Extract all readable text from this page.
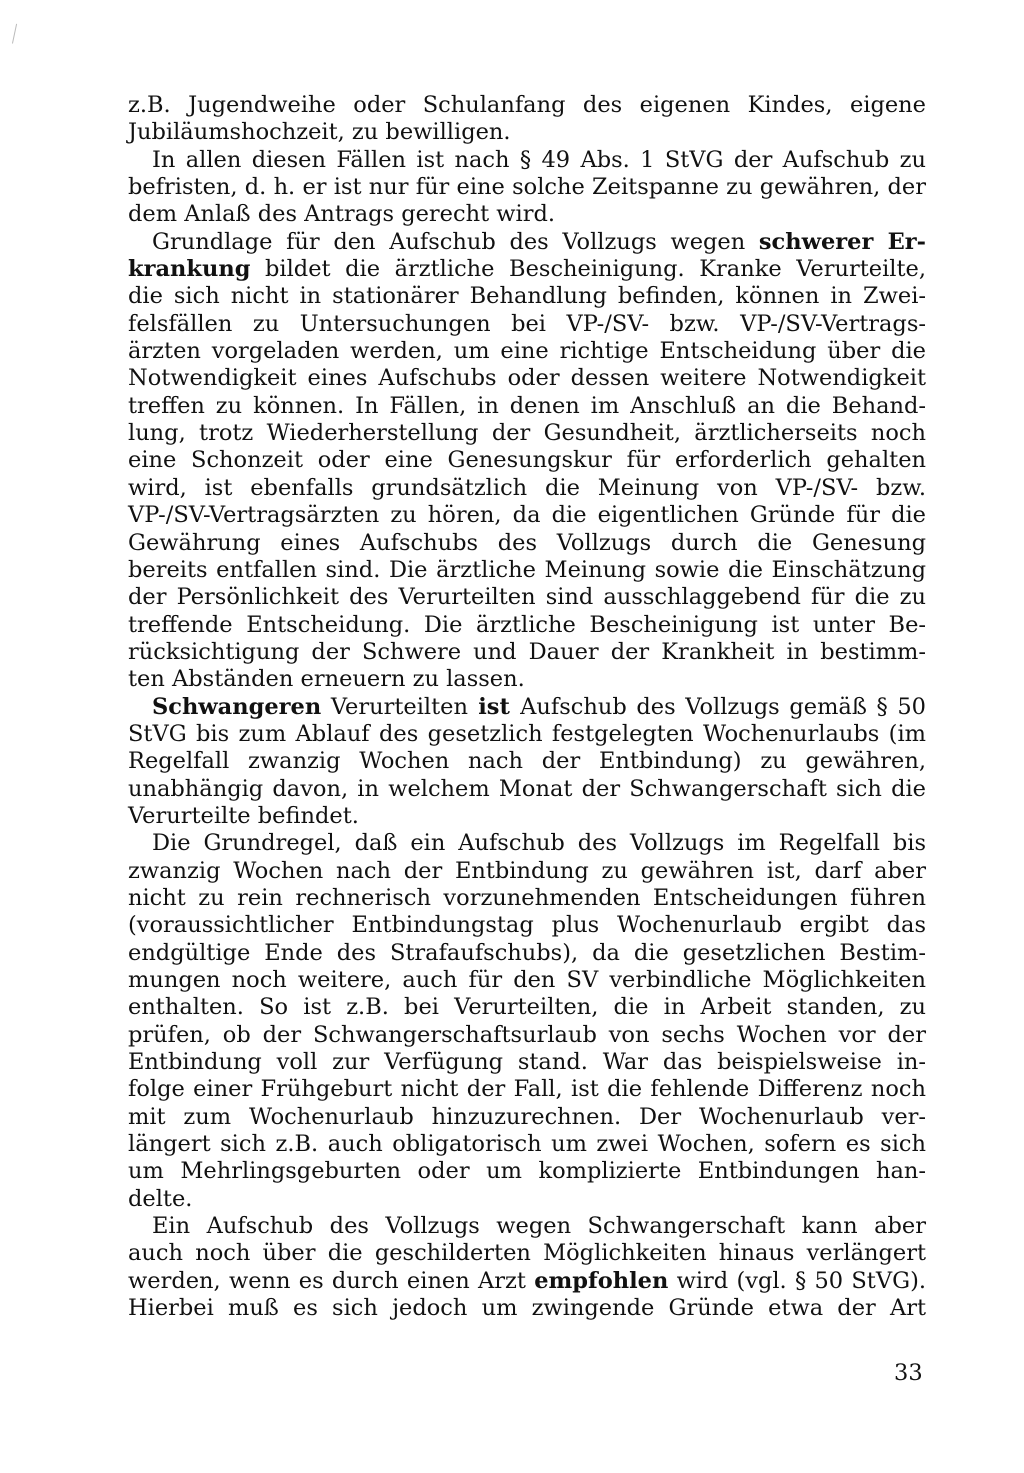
z.B. Jugendweihe oder Schulanfang des eigenen Kindes, eigene
Jubiläumshochzeit, zu bewilligen.
In allen diesen Fällen ist nach § 49 Abs. 1 StVG der Aufschub zu
befristen, d. h. er ist nur für eine solche Zeitspanne zu gewähren, der
dem Anlaß des Antrags gerecht wird.
Grundlage für den Aufschub des Vollzugs wegen schwerer Er-
krankung bildet die ärztliche Bescheinigung. Kranke Verurteilte,
die sich nicht in stationärer Behandlung befinden, können in Zwei-
felsfällen zu Untersuchungen bei VP-/SV- bzw. VP-/SV-Vertrags-
ärzten vorgeladen werden, um eine richtige Entscheidung über die
Notwendigkeit eines Aufschubs oder dessen weitere Notwendigkeit
treffen zu können. In Fällen, in denen im Anschluß an die Behand-
lung, trotz Wiederherstellung der Gesundheit, ärztlicherseits noch
eine Schonzeit oder eine Genesungskur für erforderlich gehalten
wird, ist ebenfalls grundsätzlich die Meinung von VP-/SV- bzw.
VP-/SV-Vertragsärzten zu hören, da die eigentlichen Gründe für die
Gewährung eines Aufschubs des Vollzugs durch die Genesung
bereits entfallen sind. Die ärztliche Meinung sowie die Einschätzung
der Persönlichkeit des Verurteilten sind ausschlaggebend für die zu
treffende Entscheidung. Die ärztliche Bescheinigung ist unter Be-
rücksichtigung der Schwere und Dauer der Krankheit in bestimm-
ten Abständen erneuern zu lassen.
Schwangeren Verurteilten ist Aufschub des Vollzugs gemäß § 50
StVG bis zum Ablauf des gesetzlich festgelegten Wochenurlaubs (im
Regelfall zwanzig Wochen nach der Entbindung) zu gewähren,
unabhängig davon, in welchem Monat der Schwangerschaft sich die
Verurteilte befindet.
Die Grundregel, daß ein Aufschub des Vollzugs im Regelfall bis
zwanzig Wochen nach der Entbindung zu gewähren ist, darf aber
nicht zu rein rechnerisch vorzunehmenden Entscheidungen führen
(voraussichtlicher Entbindungstag plus Wochenurlaub ergibt das
endgültige Ende des Strafaufschubs), da die gesetzlichen Bestim-
mungen noch weitere, auch für den SV verbindliche Möglichkeiten
enthalten. So ist z.B. bei Verurteilten, die in Arbeit standen, zu
prüfen, ob der Schwangerschaftsurlaub von sechs Wochen vor der
Entbindung voll zur Verfügung stand. War das beispielsweise in-
folge einer Frühgeburt nicht der Fall, ist die fehlende Differenz noch
mit zum Wochenurlaub hinzuzurechnen. Der Wochenurlaub ver-
längert sich z.B. auch obligatorisch um zwei Wochen, sofern es sich
um Mehrlingsgeburten oder um komplizierte Entbindungen han-
delte.
Ein Aufschub des Vollzugs wegen Schwangerschaft kann aber
auch noch über die geschilderten Möglichkeiten hinaus verlängert
werden, wenn es durch einen Arzt empfohlen wird (vgl. § 50 StVG).
Hierbei muß es sich jedoch um zwingende Gründe etwa der Art
33
